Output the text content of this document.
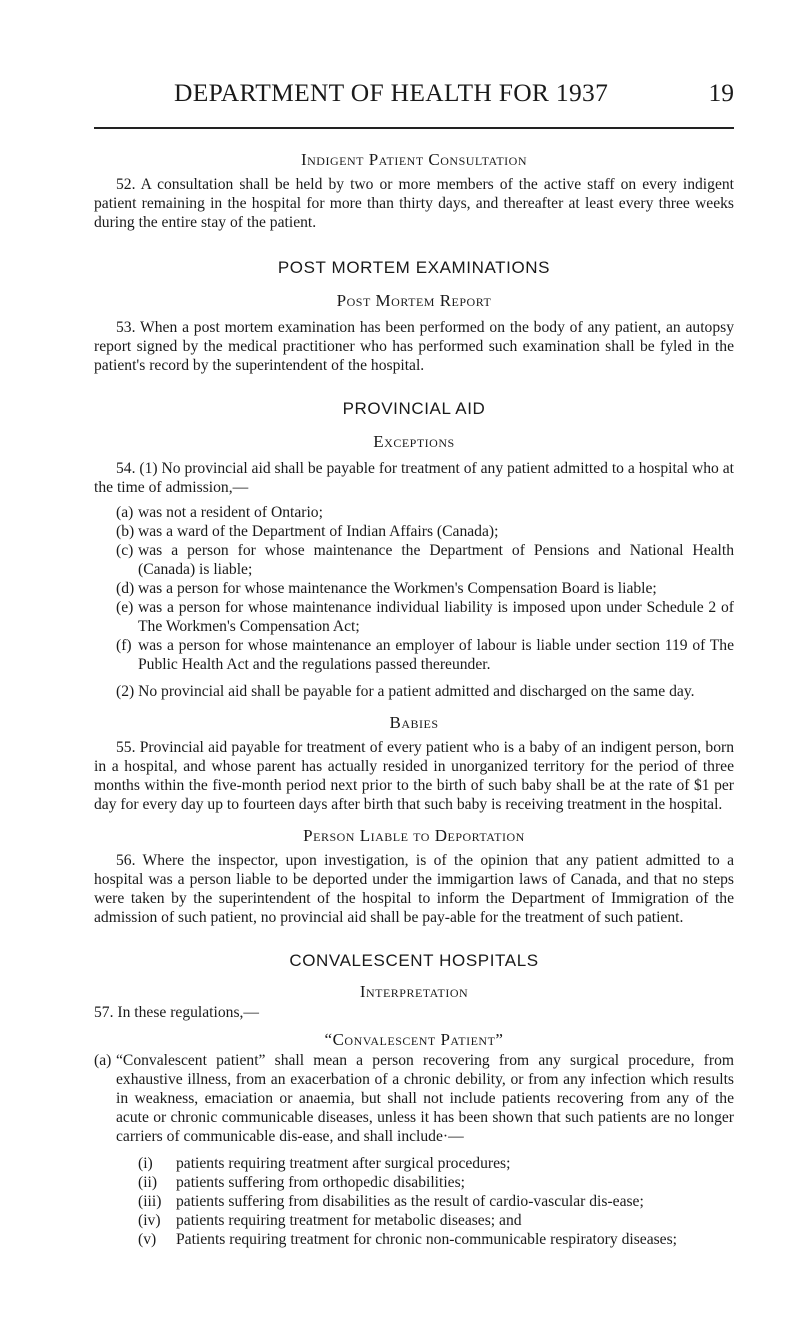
DEPARTMENT OF HEALTH FOR 1937	19
Indigent Patient Consultation

52. A consultation shall be held by two or more members of the active staff on every indigent patient remaining in the hospital for more than thirty days, and thereafter at least every three weeks during the entire stay of the patient.

POST MORTEM EXAMINATIONS
Post Mortem Report

53. When a post mortem examination has been performed on the body of any patient, an autopsy report signed by the medical practitioner who has performed such examination shall be fyled in the patient's record by the superintendent of the hospital.

PROVINCIAL AID
Exceptions

54. (1) No provincial aid shall be payable for treatment of any patient admitted to a hospital who at the time of admission,—

(a) was not a resident of Ontario;
(b) was a ward of the Department of Indian Affairs (Canada);
(c) was a person for whose maintenance the Department of Pensions and National Health (Canada) is liable;
(d) was a person for whose maintenance the Workmen's Compensation Board is liable;
(e) was a person for whose maintenance individual liability is imposed upon under Schedule 2 of The Workmen's Compensation Act;
(f) was a person for whose maintenance an employer of labour is liable under section 119 of The Public Health Act and the regulations passed thereunder.

(2) No provincial aid shall be payable for a patient admitted and discharged on the same day.

Babies

55. Provincial aid payable for treatment of every patient who is a baby of an indigent person, born in a hospital, and whose parent has actually resided in unorganized territory for the period of three months within the five-month period next prior to the birth of such baby shall be at the rate of $1 per day for every day up to fourteen days after birth that such baby is receiving treatment in the hospital.

Person Liable to Deportation

56. Where the inspector, upon investigation, is of the opinion that any patient admitted to a hospital was a person liable to be deported under the immigartion laws of Canada, and that no steps were taken by the superintendent of the hospital to inform the Department of Immigration of the admission of such patient, no provincial aid shall be pay-able for the treatment of such patient.

CONVALESCENT HOSPITALS
Interpretation

57. In these regulations,—

“Convalescent Patient”
(a) “Convalescent patient” shall mean a person recovering from any surgical procedure, from exhaustive illness, from an exacerbation of a chronic debility, or from any infection which results in weakness, emaciation or anaemia, but shall not include patients recovering from any of the acute or chronic communicable diseases, unless it has been shown that such patients are no longer carriers of communicable dis-ease, and shall include·—
(i)	patients requiring treatment after surgical procedures;
(ii)	patients suffering from orthopedic disabilities;
(iii) patients suffering from disabilities as the result of cardio-vascular dis-ease;
(iv) patients requiring treatment for metabolic diseases; and
(v)	Patients requiring treatment for chronic non-communicable respiratory diseases;
